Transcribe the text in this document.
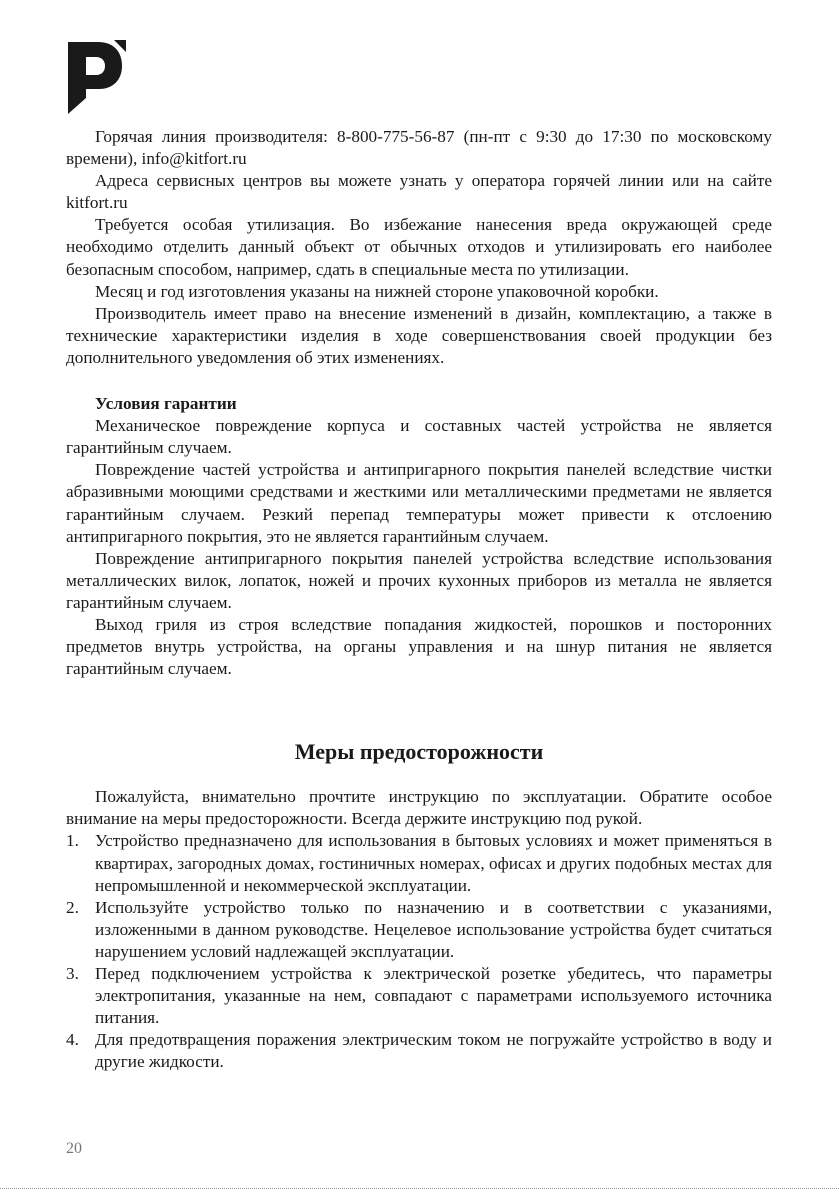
Горячая линия производителя: 8-800-775-56-87 (пн-пт с 9:30 до 17:30 по московскому времени), info@kitfort.ru

Адреса сервисных центров вы можете узнать у оператора горячей линии или на сайте kitfort.ru

Требуется особая утилизация. Во избежание нанесения вреда окружающей среде необходимо отделить данный объект от обычных отходов и утилизировать его наиболее безопасным способом, например, сдать в специальные места по утилизации.

Месяц и год изготовления указаны на нижней стороне упаковочной коробки.

Производитель имеет право на внесение изменений в дизайн, комплектацию, а также в технические характеристики изделия в ходе совершенствования своей продукции без дополнительного уведомления об этих изменениях.

Условия гарантии

Механическое повреждение корпуса и составных частей устройства не является гарантийным случаем.

Повреждение частей устройства и антипригарного покрытия панелей вследствие чистки абразивными моющими средствами и жесткими или металлическими предметами не является гарантийным случаем. Резкий перепад температуры может привести к отслоению антипригарного покрытия, это не является гарантийным случаем.

Повреждение антипригарного покрытия панелей устройства вследствие использования металлических вилок, лопаток, ножей и прочих кухонных приборов из металла не является гарантийным случаем.

Выход гриля из строя вследствие попадания жидкостей, порошков и посторонних предметов внутрь устройства, на органы управления и на шнур питания не является гарантийным случаем.

Меры предосторожности

Пожалуйста, внимательно прочтите инструкцию по эксплуатации. Обратите особое внимание на меры предосторожности. Всегда держите инструкцию под рукой.

1. Устройство предназначено для использования в бытовых условиях и может применяться в квартирах, загородных домах, гостиничных номерах, офисах и других подобных местах для непромышленной и некоммерческой эксплуатации.
2. Используйте устройство только по назначению и в соответствии с указаниями, изложенными в данном руководстве. Нецелевое использование устройства будет считаться нарушением условий надлежащей эксплуатации.
3. Перед подключением устройства к электрической розетке убедитесь, что параметры электропитания, указанные на нем, совпадают с параметрами используемого источника питания.
4. Для предотвращения поражения электрическим током не погружайте устройство в воду и другие жидкости.
20
